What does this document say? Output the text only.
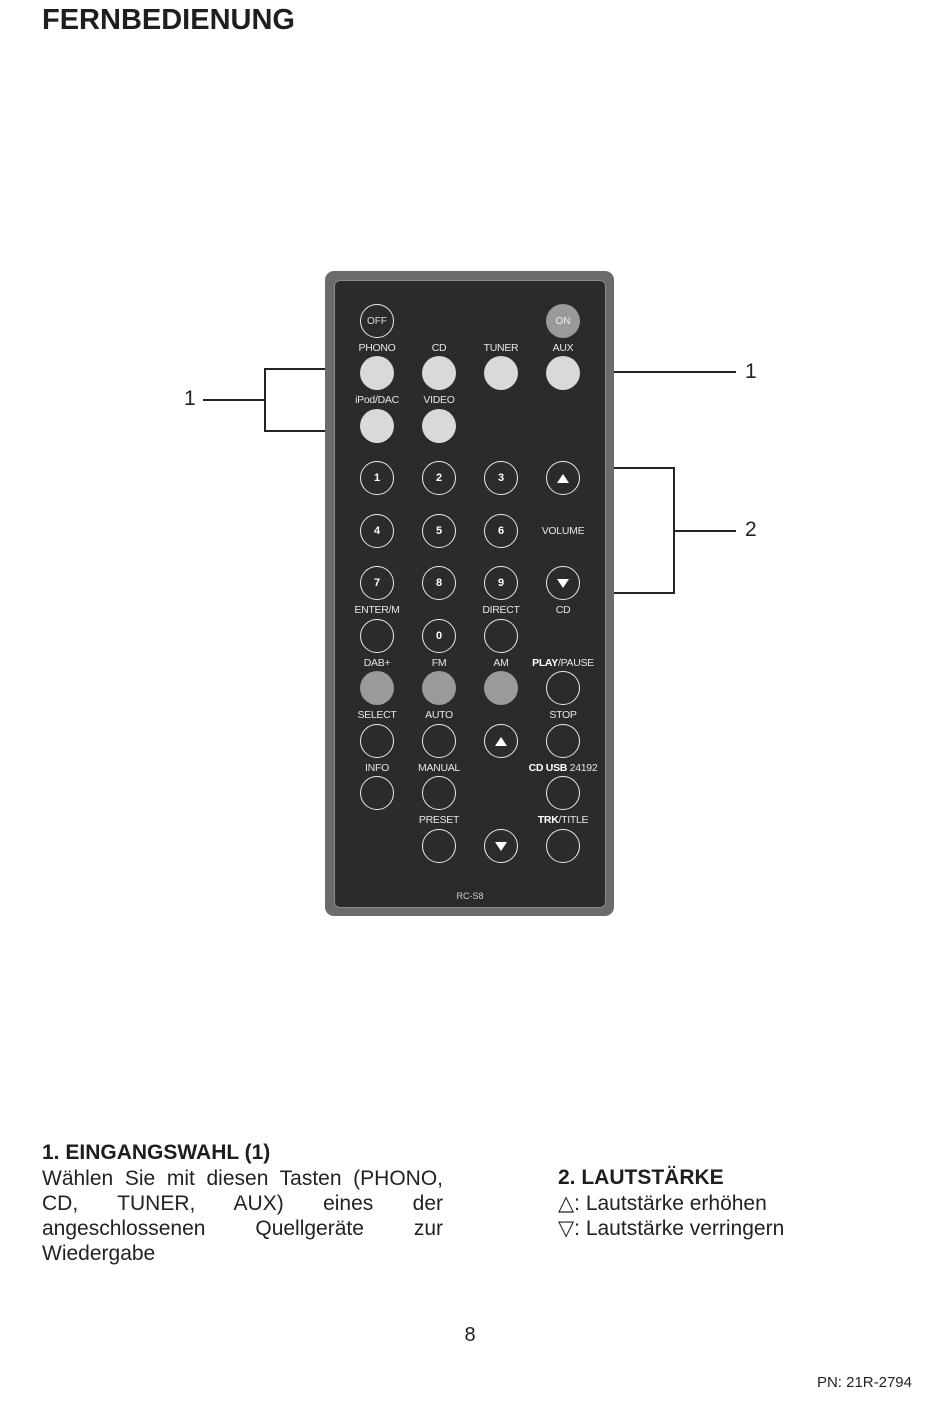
FERNBEDIENUNG
OFF	ON
PHONO	CD	TUNER	AUX
iPod/DAC VIDEO
1	2	3
4	5	6	VOLUME
7	8	9
ENTER/M	DIRECT	CD
0
DAB+	FM	AM PLAY/PAUSE
SELECT	AUTO	STOP
INFO	MANUAL	CD USB 24192
PRESET	TRK/TITLE
RC-S8
1
1
2
1. EINGANGSWAHL (1)
Wählen Sie mit diesen Tasten (PHONO, CD, TUNER, AUX) eines der angeschlossenen Quellgeräte zur Wiedergabe
2. LAUTSTÄRKE
△: Lautstärke erhöhen
▽: Lautstärke verringern
8
PN: 21R-2794
